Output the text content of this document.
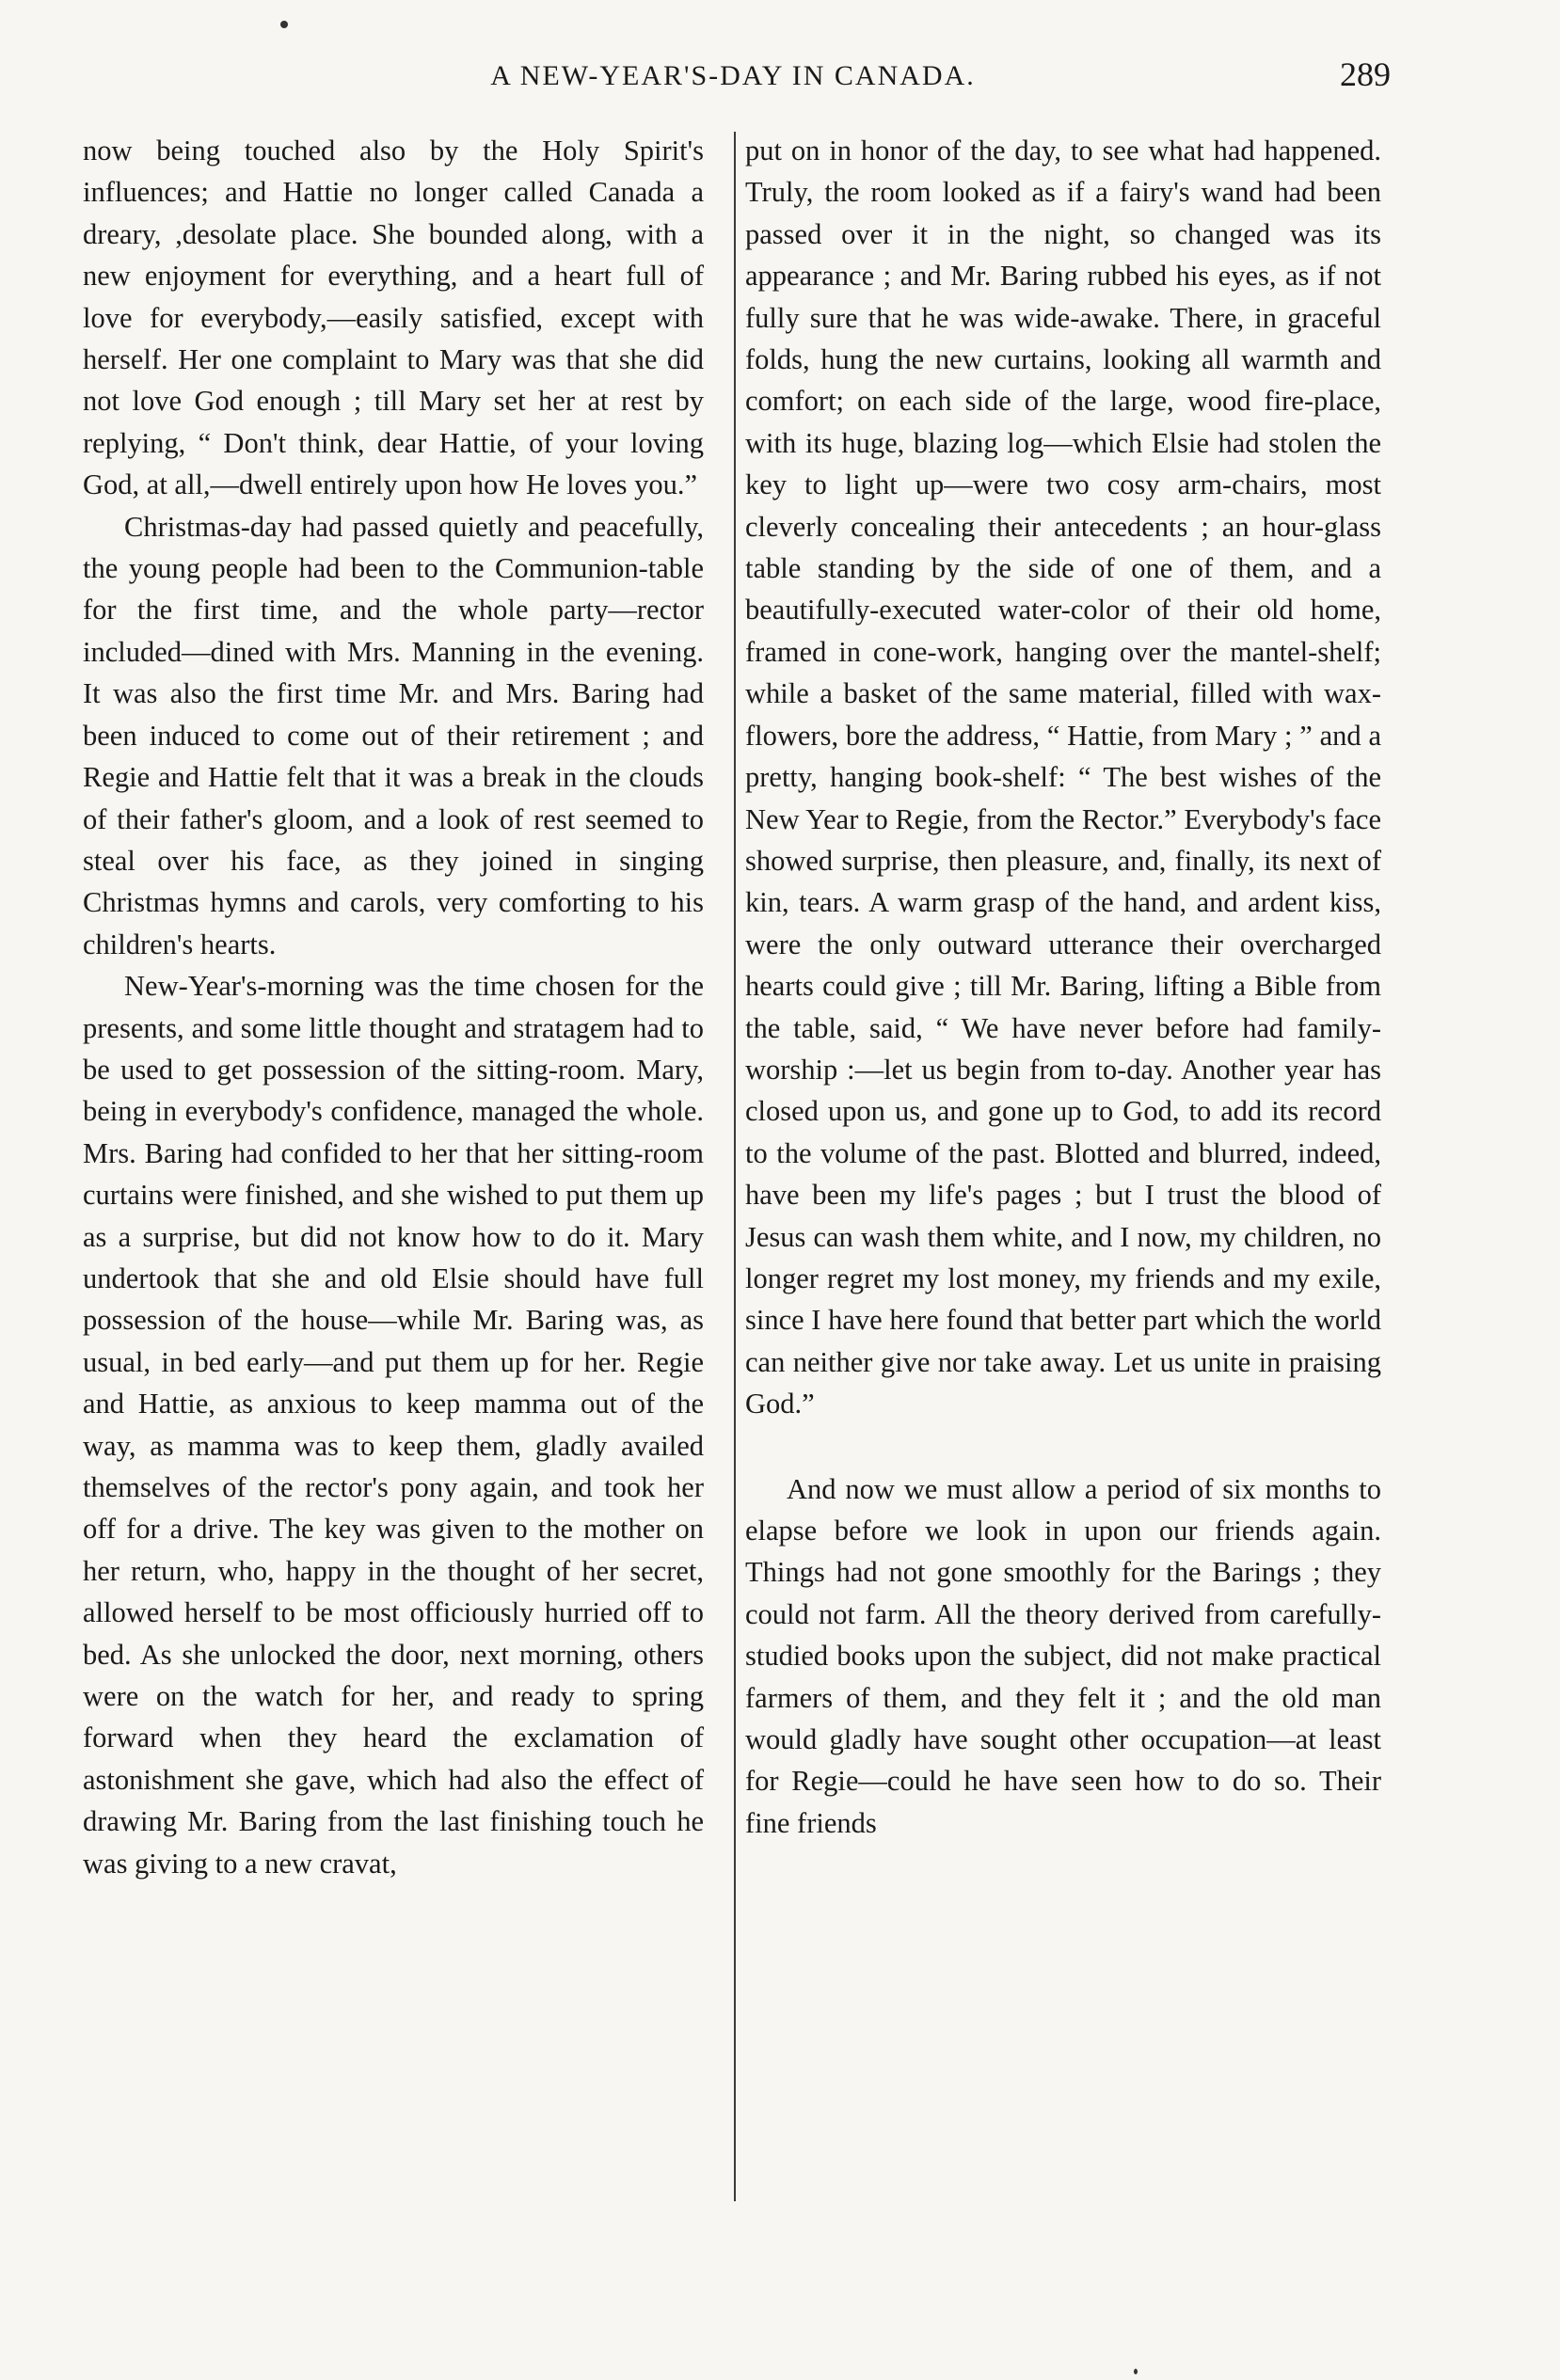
A NEW-YEAR'S-DAY IN CANADA.	289

now being touched also by the Holy Spirit's influences; and Hattie no longer called Canada a dreary, ,desolate place. She bounded along, with a new enjoyment for everything, and a heart full of love for everybody,—easily satisfied, except with herself. Her one complaint to Mary was that she did not love God enough ; till Mary set her at rest by replying, “ Don't think, dear Hattie, of your loving God, at all,—dwell entirely upon how He loves you.”

Christmas-day had passed quietly and peacefully, the young people had been to the Communion-table for the first time, and the whole party—rector included—dined with Mrs. Manning in the evening. It was also the first time Mr. and Mrs. Baring had been induced to come out of their retirement ; and Regie and Hattie felt that it was a break in the clouds of their father's gloom, and a look of rest seemed to steal over his face, as they joined in singing Christmas hymns and carols, very comforting to his children's hearts.

New-Year's-morning was the time chosen for the presents, and some little thought and stratagem had to be used to get possession of the sitting-room. Mary, being in everybody's confidence, managed the whole. Mrs. Baring had confided to her that her sitting-room curtains were finished, and she wished to put them up as a surprise, but did not know how to do it. Mary undertook that she and old Elsie should have full possession of the house—while Mr. Baring was, as usual, in bed early—and put them up for her. Regie and Hattie, as anxious to keep mamma out of the way, as mamma was to keep them, gladly availed themselves of the rector's pony again, and took her off for a drive. The key was given to the mother on her return, who, happy in the thought of her secret, allowed herself to be most officiously hurried off to bed. As she unlocked the door, next morning, others were on the watch for her, and ready to spring forward when they heard the exclamation of astonishment she gave, which had also the effect of drawing Mr. Baring from the last finishing touch he was giving to a new cravat,

put on in honor of the day, to see what had happened. Truly, the room looked as if a fairy's wand had been passed over it in the night, so changed was its appearance ; and Mr. Baring rubbed his eyes, as if not fully sure that he was wide-awake. There, in graceful folds, hung the new curtains, looking all warmth and comfort; on each side of the large, wood fire-place, with its huge, blazing log—which Elsie had stolen the key to light up—were two cosy arm-chairs, most cleverly concealing their antecedents ; an hour-glass table standing by the side of one of them, and a beautifully-executed water-color of their old home, framed in cone-work, hanging over the mantel-shelf; while a basket of the same material, filled with wax-flowers, bore the address, “ Hattie, from Mary ; ” and a pretty, hanging book-shelf: “ The best wishes of the New Year to Regie, from the Rector.” Everybody's face showed surprise, then pleasure, and, finally, its next of kin, tears. A warm grasp of the hand, and ardent kiss, were the only outward utterance their overcharged hearts could give ; till Mr. Baring, lifting a Bible from the table, said, “ We have never before had family-worship :—let us begin from to-day. Another year has closed upon us, and gone up to God, to add its record to the volume of the past. Blotted and blurred, indeed, have been my life's pages ; but I trust the blood of Jesus can wash them white, and I now, my children, no longer regret my lost money, my friends and my exile, since I have here found that better part which the world can neither give nor take away. Let us unite in praising God.”

And now we must allow a period of six months to elapse before we look in upon our friends again. Things had not gone smoothly for the Barings ; they could not farm. All the theory derived from carefully-studied books upon the subject, did not make practical farmers of them, and they felt it ; and the old man would gladly have sought other occupation—at least for Regie—could he have seen how to do so. Their fine friends
